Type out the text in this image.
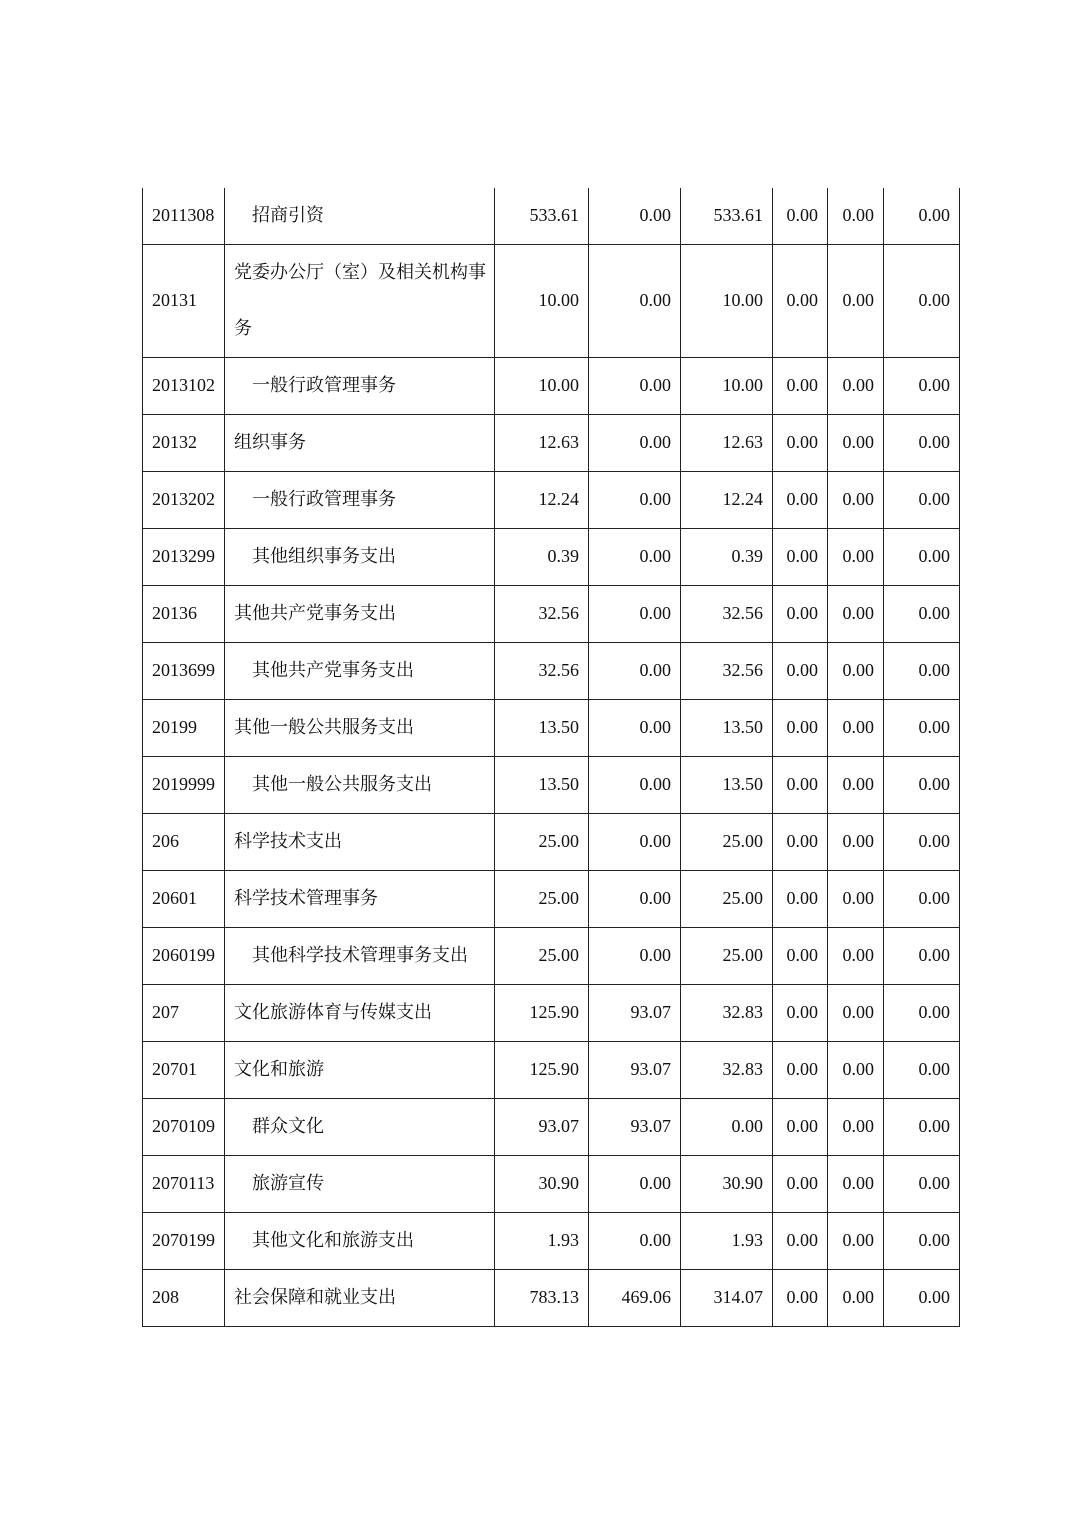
2011308	招商引资	533.61	0.00	533.61	0.00	0.00	0.00
20131	党委办公厅（室）及相关机构事务	10.00	0.00	10.00	0.00	0.00	0.00
2013102	一般行政管理事务	10.00	0.00	10.00	0.00	0.00	0.00
20132	组织事务	12.63	0.00	12.63	0.00	0.00	0.00
2013202	一般行政管理事务	12.24	0.00	12.24	0.00	0.00	0.00
2013299	其他组织事务支出	0.39	0.00	0.39	0.00	0.00	0.00
20136	其他共产党事务支出	32.56	0.00	32.56	0.00	0.00	0.00
2013699	其他共产党事务支出	32.56	0.00	32.56	0.00	0.00	0.00
20199	其他一般公共服务支出	13.50	0.00	13.50	0.00	0.00	0.00
2019999	其他一般公共服务支出	13.50	0.00	13.50	0.00	0.00	0.00
206	科学技术支出	25.00	0.00	25.00	0.00	0.00	0.00
20601	科学技术管理事务	25.00	0.00	25.00	0.00	0.00	0.00
2060199	其他科学技术管理事务支出	25.00	0.00	25.00	0.00	0.00	0.00
207	文化旅游体育与传媒支出	125.90	93.07	32.83	0.00	0.00	0.00
20701	文化和旅游	125.90	93.07	32.83	0.00	0.00	0.00
2070109	群众文化	93.07	93.07	0.00	0.00	0.00	0.00
2070113	旅游宣传	30.90	0.00	30.90	0.00	0.00	0.00
2070199	其他文化和旅游支出	1.93	0.00	1.93	0.00	0.00	0.00
208	社会保障和就业支出	783.13	469.06	314.07	0.00	0.00	0.00
